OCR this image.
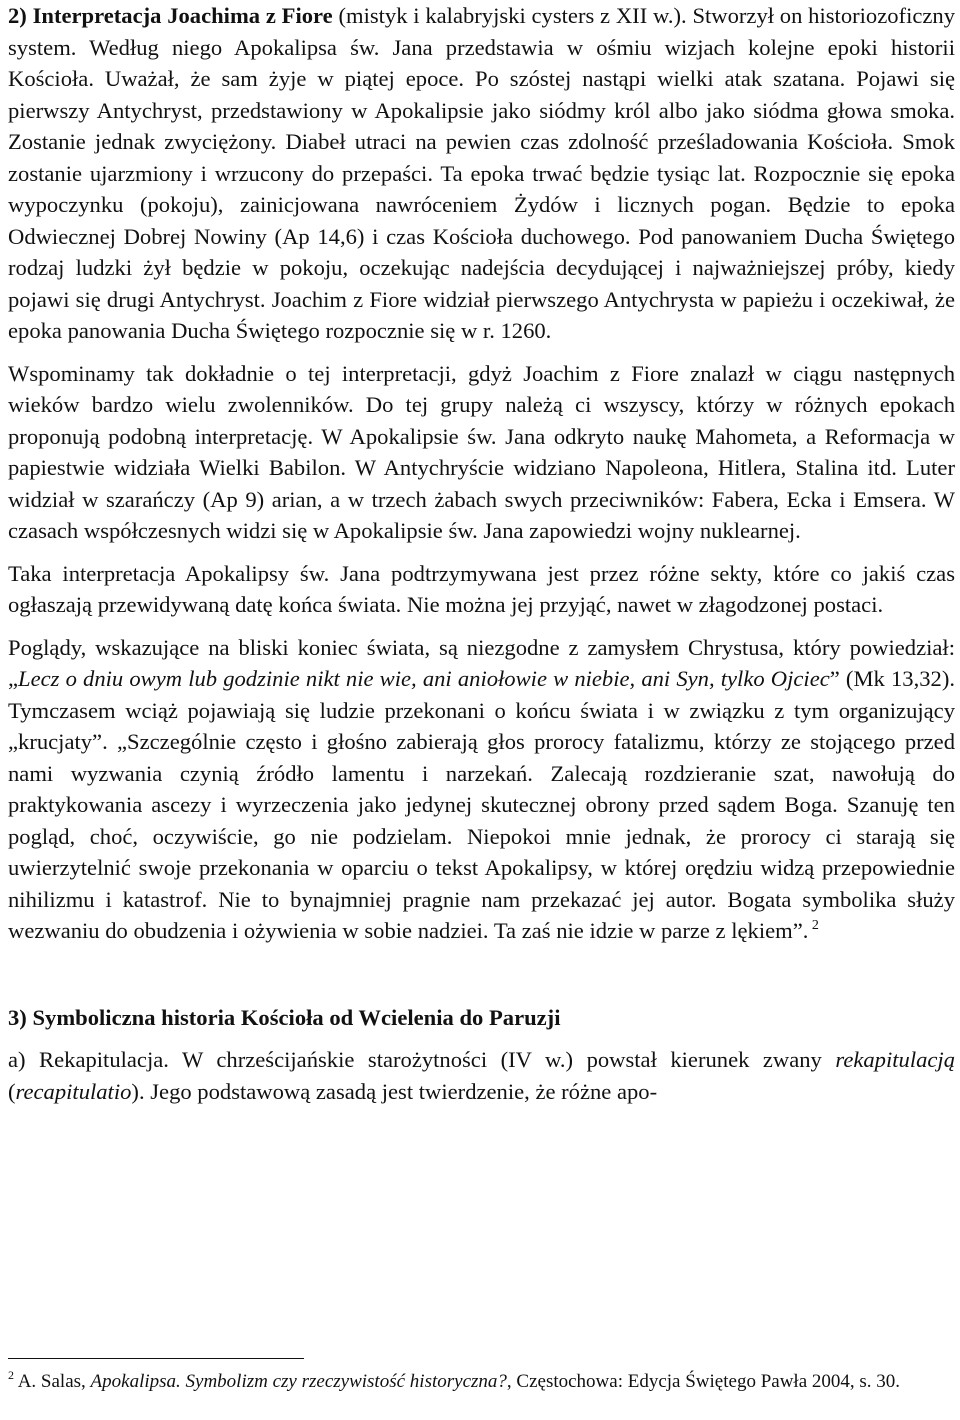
2) Interpretacja Joachima z Fiore (mistyk i kalabryjski cysters z XII w.). Stworzył on historiozoficzny system. Według niego Apokalipsa św. Jana przedstawia w ośmiu wizjach kolejne epoki historii Kościoła. Uważał, że sam żyje w piątej epoce. Po szóstej nastąpi wielki atak szatana. Pojawi się pierwszy Antychryst, przedstawiony w Apokalipsie jako siódmy król albo jako siódma głowa smoka. Zostanie jednak zwyciężony. Diabeł utraci na pewien czas zdolność prześladowania Kościoła. Smok zostanie ujarzmiony i wrzucony do przepaści. Ta epoka trwać będzie tysiąc lat. Rozpocznie się epoka wypoczynku (pokoju), zainicjowana nawróceniem Żydów i licznych pogan. Będzie to epoka Odwiecznej Dobrej Nowiny (Ap 14,6) i czas Kościoła duchowego. Pod panowaniem Ducha Świętego rodzaj ludzki żył będzie w pokoju, oczekując nadejścia decydującej i najważniejszej próby, kiedy pojawi się drugi Antychryst. Joachim z Fiore widział pierwszego Antychrysta w papieżu i oczekiwał, że epoka panowania Ducha Świętego rozpocznie się w r. 1260.

Wspominamy tak dokładnie o tej interpretacji, gdyż Joachim z Fiore znalazł w ciągu następnych wieków bardzo wielu zwolenników. Do tej grupy należą ci wszyscy, którzy w różnych epokach proponują podobną interpretację. W Apokalipsie św. Jana odkryto naukę Mahometa, a Reformacja w papiestwie widziała Wielki Babilon. W Antychryście widziano Napoleona, Hitlera, Stalina itd. Luter widział w szarańczy (Ap 9) arian, a w trzech żabach swych przeciwników: Fabera, Ecka i Emsera. W czasach współczesnych widzi się w Apokalipsie św. Jana zapowiedzi wojny nuklearnej.

Taka interpretacja Apokalipsy św. Jana podtrzymywana jest przez różne sekty, które co jakiś czas ogłaszają przewidywaną datę końca świata. Nie można jej przyjąć, nawet w złagodzonej postaci.

Poglądy, wskazujące na bliski koniec świata, są niezgodne z zamysłem Chrystusa, który powiedział: „Lecz o dniu owym lub godzinie nikt nie wie, ani aniołowie w niebie, ani Syn, tylko Ojciec” (Mk 13,32). Tymczasem wciąż pojawiają się ludzie przekonani o końcu świata i w związku z tym organizujący „krucjaty”. „Szczególnie często i głośno zabierają głos prorocy fatalizmu, którzy ze stojącego przed nami wyzwania czynią źródło lamentu i narzekań. Zalecają rozdzieranie szat, nawołują do praktykowania ascezy i wyrzeczenia jako jedynej skutecznej obrony przed sądem Boga. Szanuję ten pogląd, choć, oczywiście, go nie podzielam. Niepokoi mnie jednak, że prorocy ci starają się uwierzytelnić swoje przekonania w oparciu o tekst Apokalipsy, w której orędziu widzą przepowiednie nihilizmu i katastrof. Nie to bynajmniej pragnie nam przekazać jej autor. Bogata symbolika służy wezwaniu do obudzenia i ożywienia w sobie nadziei. Ta zaś nie idzie w parze z lękiem”. $^2$

3) Symboliczna historia Kościoła od Wcielenia do Paruzji

a) Rekapitulacja. W chrześcijańskie starożytności (IV w.) powstał kierunek zwany rekapitulacją (recapitulatio). Jego podstawową zasadą jest twierdzenie, że różne apo-

$^2$ A. Salas, Apokalipsa. Symbolizm czy rzeczywistość historyczna?, Częstochowa: Edycja Świętego Pawła 2004, s. 30.
